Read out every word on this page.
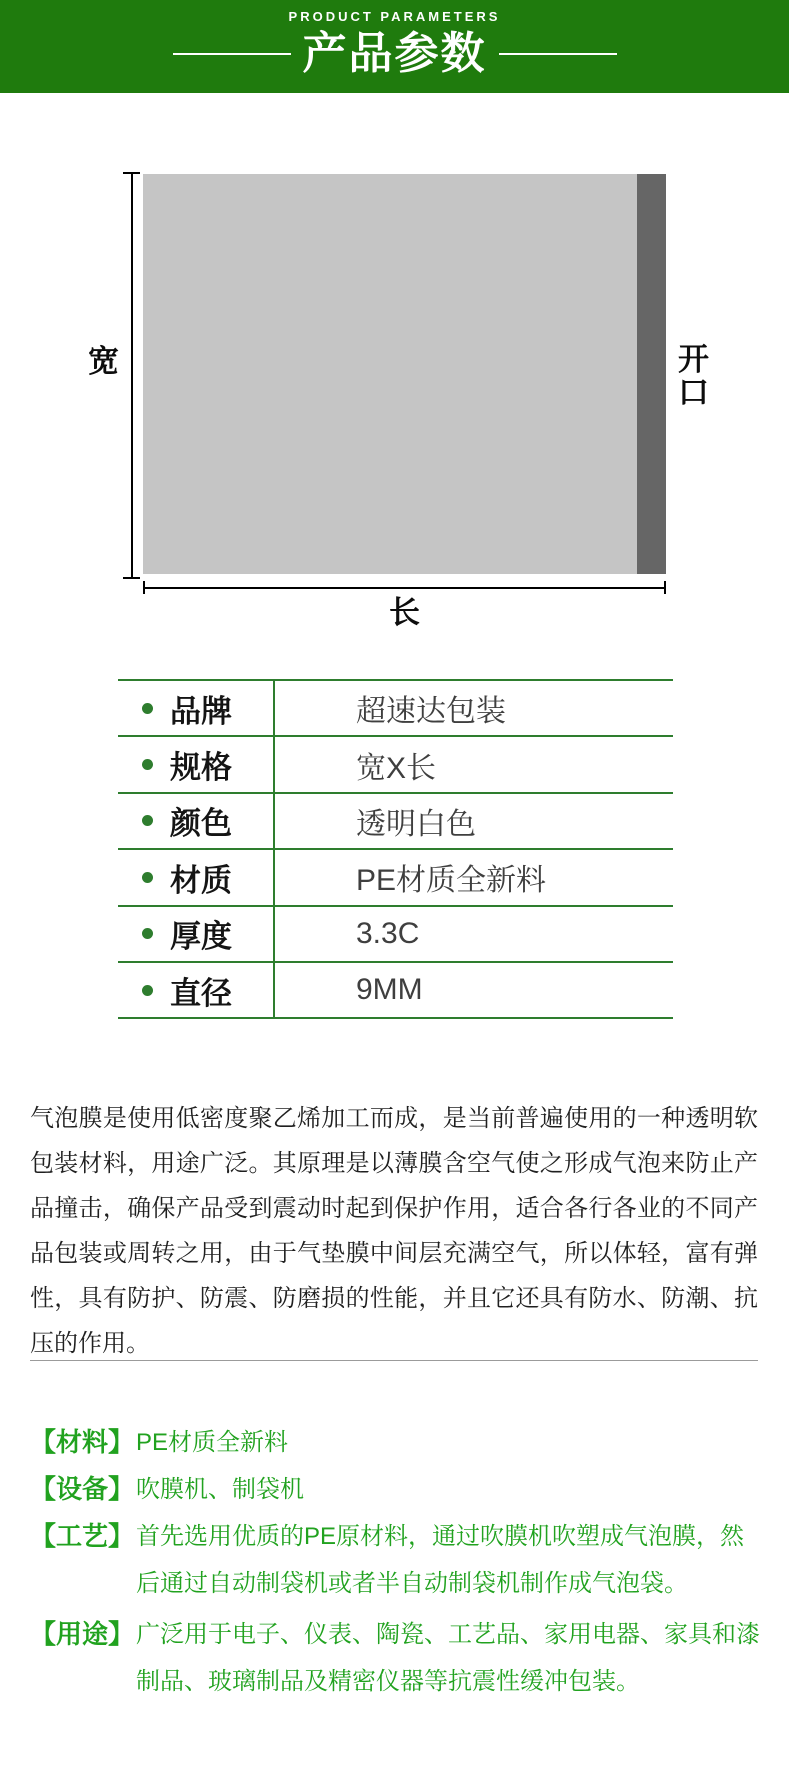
PRODUCT PARAMETERS
产品参数
宽	开口
长
品牌	超速达包装
规格	宽X长
颜色	透明白色
材质	PE材质全新料
厚度	3.3C
直径	9MM
气泡膜是使用低密度聚乙烯加工而成，是当前普遍使用的一种透明软包装材料，用途广泛。其原理是以薄膜含空气使之形成气泡来防止产品撞击，确保产品受到震动时起到保护作用，适合各行各业的不同产品包装或周转之用，由于气垫膜中间层充满空气，所以体轻，富有弹性，具有防护、防震、防磨损的性能，并且它还具有防水、防潮、抗压的作用。
【材料】 PE材质全新料
【设备】 吹膜机、制袋机
【工艺】 首先选用优质的PE原材料，通过吹膜机吹塑成气泡膜，然后通过自动制袋机或者半自动制袋机制作成气泡袋。
【用途】 广泛用于电子、仪表、陶瓷、工艺品、家用电器、家具和漆制品、玻璃制品及精密仪器等抗震性缓冲包装。
